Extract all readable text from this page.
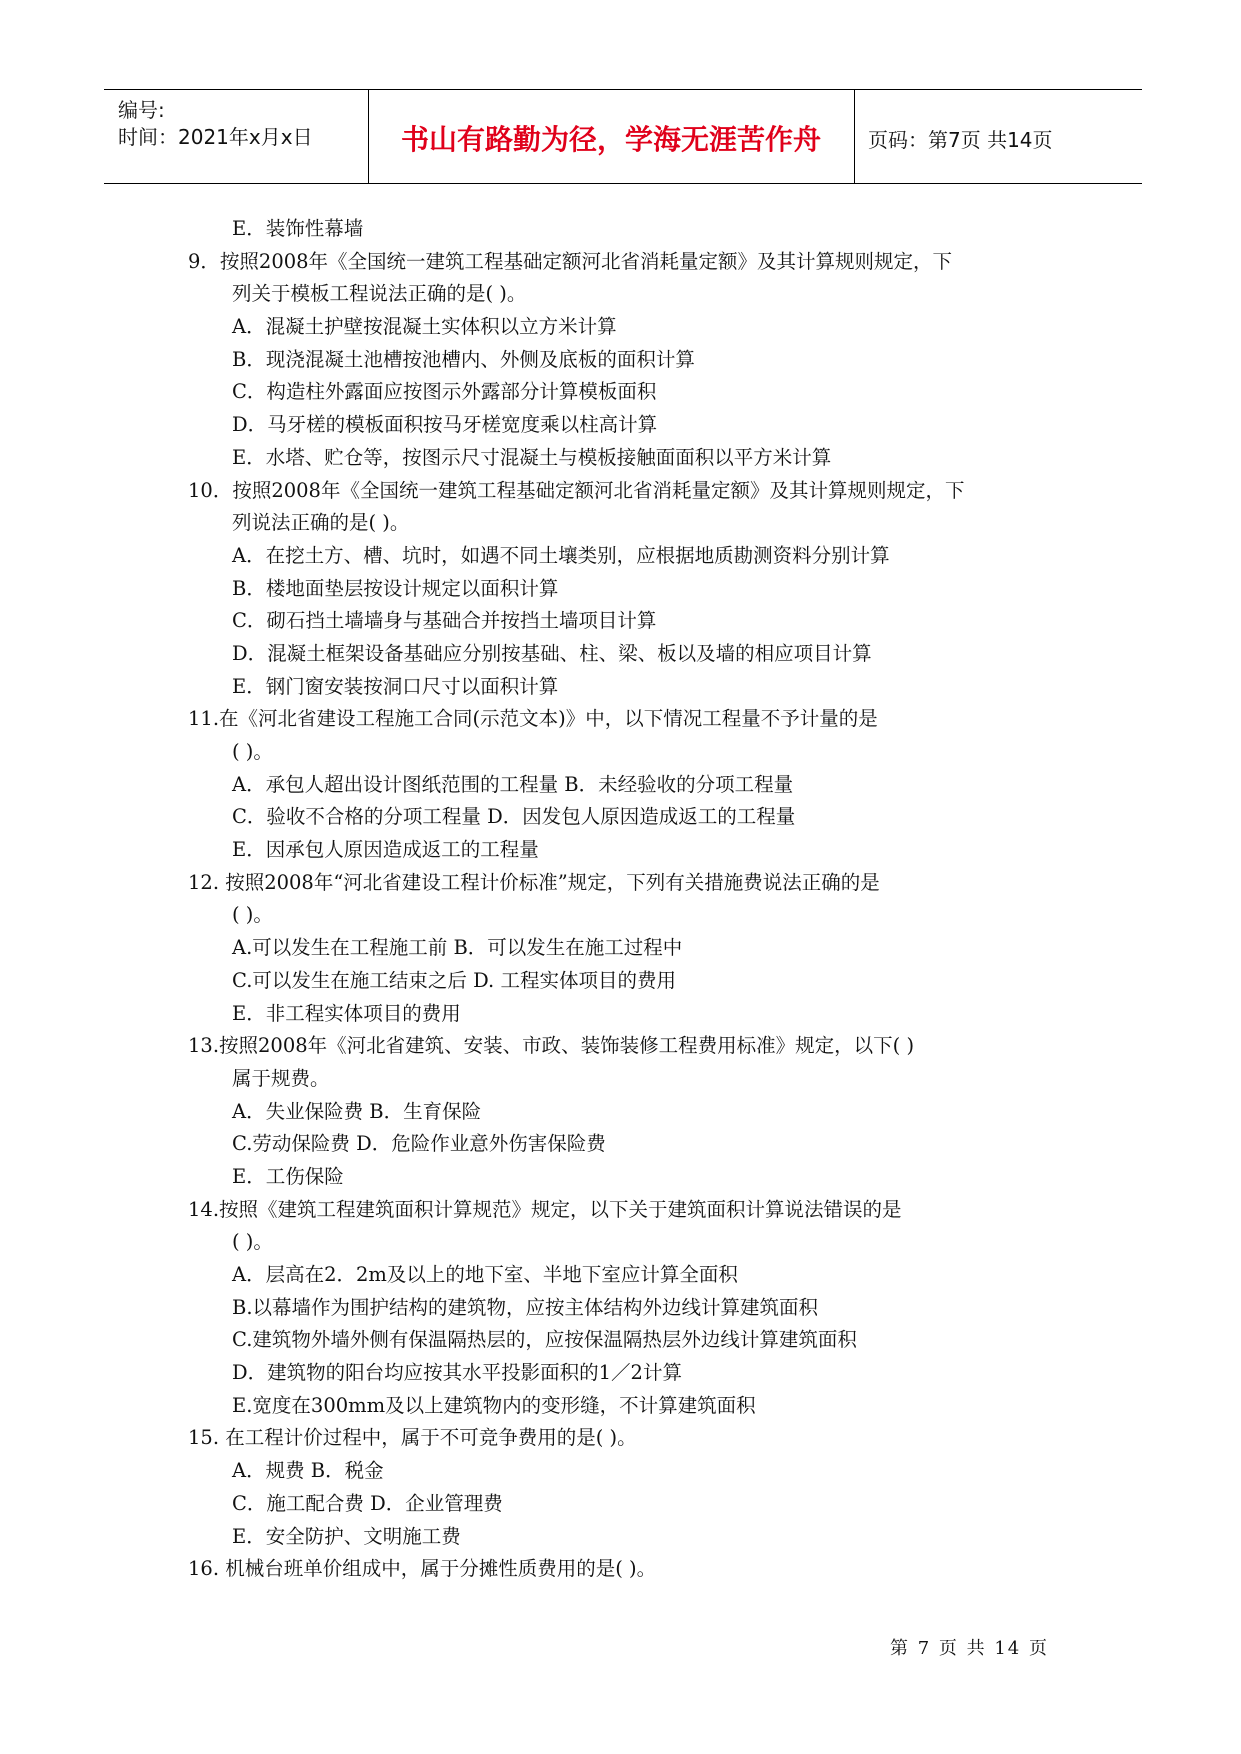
编号:
时间：2021年x月x日	书山有路勤为径，学海无涯苦作舟	页码：第7页 共14页
E．装饰性幕墙
9．按照2008年《全国统一建筑工程基础定额河北省消耗量定额》及其计算规则规定，下
列关于模板工程说法正确的是( )。
A．混凝土护壁按混凝土实体积以立方米计算
B．现浇混凝土池槽按池槽内、外侧及底板的面积计算
C．构造柱外露面应按图示外露部分计算模板面积
D．马牙槎的模板面积按马牙槎宽度乘以柱高计算
E．水塔、贮仓等，按图示尺寸混凝土与模板接触面面积以平方米计算
10．按照2008年《全国统一建筑工程基础定额河北省消耗量定额》及其计算规则规定，下
列说法正确的是( )。
A．在挖土方、槽、坑时，如遇不同土壤类别，应根据地质勘测资料分别计算
B．楼地面垫层按设计规定以面积计算
C．砌石挡土墙墙身与基础合并按挡土墙项目计算
D．混凝土框架设备基础应分别按基础、柱、梁、板以及墙的相应项目计算
E．钢门窗安装按洞口尺寸以面积计算
11.在《河北省建设工程施工合同(示范文本)》中，以下情况工程量不予计量的是
( )。
A．承包人超出设计图纸范围的工程量 B．未经验收的分项工程量
C．验收不合格的分项工程量 D．因发包人原因造成返工的工程量
E．因承包人原因造成返工的工程量
12. 按照2008年“河北省建设工程计价标准”规定，下列有关措施费说法正确的是
( )。
A.可以发生在工程施工前 B．可以发生在施工过程中
C.可以发生在施工结束之后 D. 工程实体项目的费用
E．非工程实体项目的费用
13.按照2008年《河北省建筑、安装、市政、装饰装修工程费用标准》规定，以下( )
属于规费。
A．失业保险费 B．生育保险
C.劳动保险费 D．危险作业意外伤害保险费
E．工伤保险
14.按照《建筑工程建筑面积计算规范》规定，以下关于建筑面积计算说法错误的是
( )。
A．层高在2．2m及以上的地下室、半地下室应计算全面积
B.以幕墙作为围护结构的建筑物，应按主体结构外边线计算建筑面积
C.建筑物外墙外侧有保温隔热层的，应按保温隔热层外边线计算建筑面积
D．建筑物的阳台均应按其水平投影面积的1／2计算
E.宽度在300mm及以上建筑物内的变形缝，不计算建筑面积
15. 在工程计价过程中，属于不可竞争费用的是( )。
A．规费 B．税金
C．施工配合费 D．企业管理费
E．安全防护、文明施工费
16. 机械台班单价组成中，属于分摊性质费用的是( )。
第 7 页 共 14 页
